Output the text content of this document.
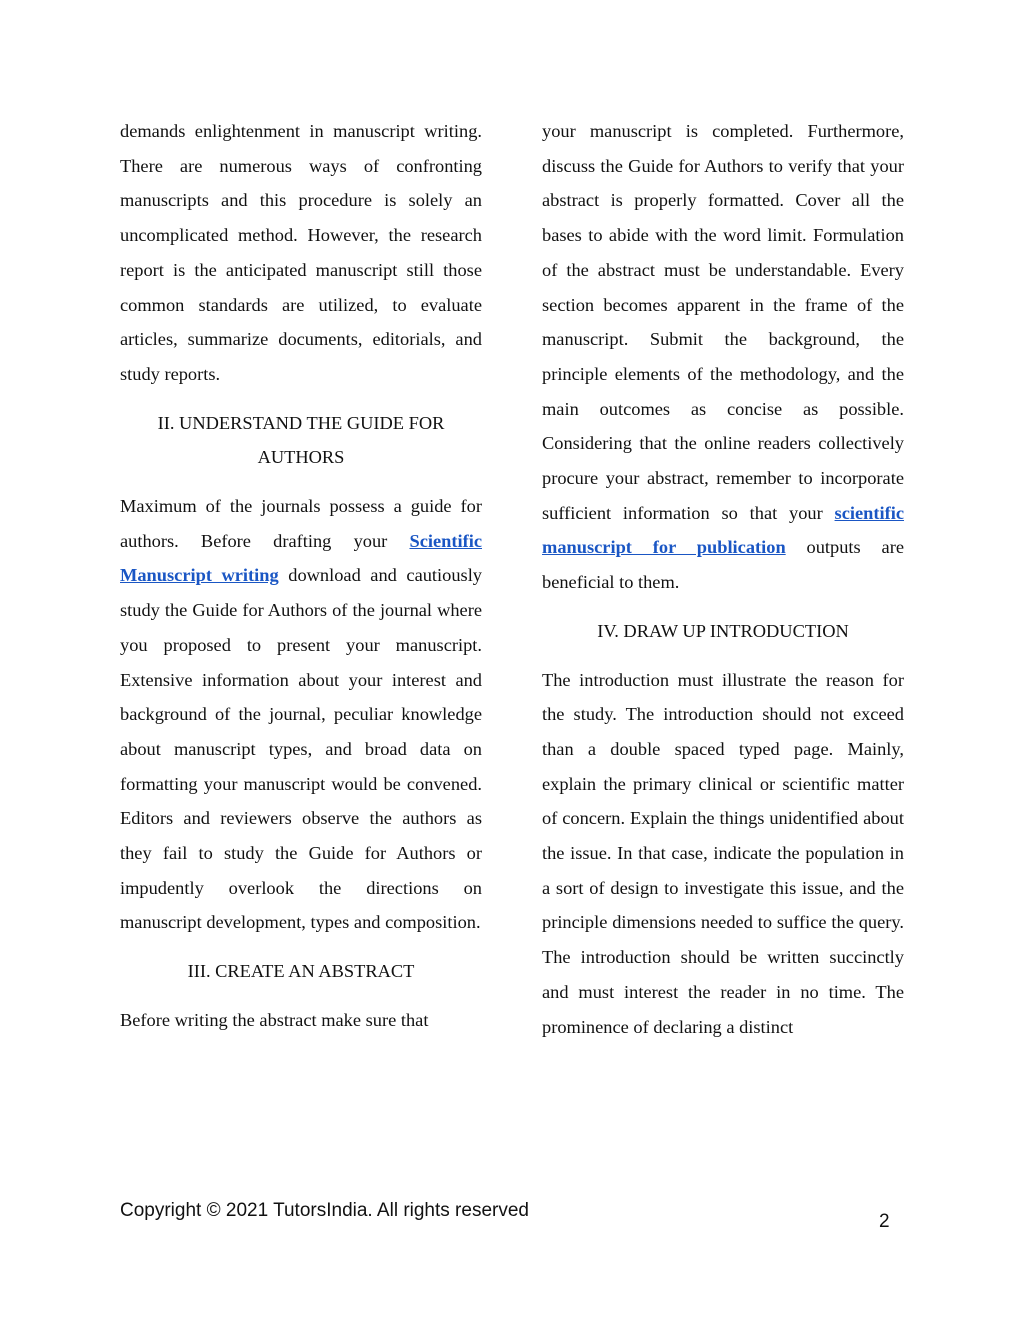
demands enlightenment in manuscript writing. There are numerous ways of confronting manuscripts and this procedure is solely an uncomplicated method. However, the research report is the anticipated manuscript still those common standards are utilized, to evaluate articles, summarize documents, editorials, and study reports.

II. UNDERSTAND THE GUIDE FOR AUTHORS

Maximum of the journals possess a guide for authors. Before drafting your Scientific Manuscript writing download and cautiously study the Guide for Authors of the journal where you proposed to present your manuscript. Extensive information about your interest and background of the journal, peculiar knowledge about manuscript types, and broad data on formatting your manuscript would be convened. Editors and reviewers observe the authors as they fail to study the Guide for Authors or impudently overlook the directions on manuscript development, types and composition.

III. CREATE AN ABSTRACT

Before writing the abstract make sure that

your manuscript is completed. Furthermore, discuss the Guide for Authors to verify that your abstract is properly formatted. Cover all the bases to abide with the word limit. Formulation of the abstract must be understandable. Every section becomes apparent in the frame of the manuscript. Submit the background, the principle elements of the methodology, and the main outcomes as concise as possible. Considering that the online readers collectively procure your abstract, remember to incorporate sufficient information so that your scientific manuscript for publication outputs are beneficial to them.

IV. DRAW UP INTRODUCTION

The introduction must illustrate the reason for the study. The introduction should not exceed than a double spaced typed page. Mainly, explain the primary clinical or scientific matter of concern. Explain the things unidentified about the issue. In that case, indicate the population in a sort of design to investigate this issue, and the principle dimensions needed to suffice the query. The introduction should be written succinctly and must interest the reader in no time. The prominence of declaring a distinct

Copyright © 2021 TutorsIndia. All rights reserved
2
